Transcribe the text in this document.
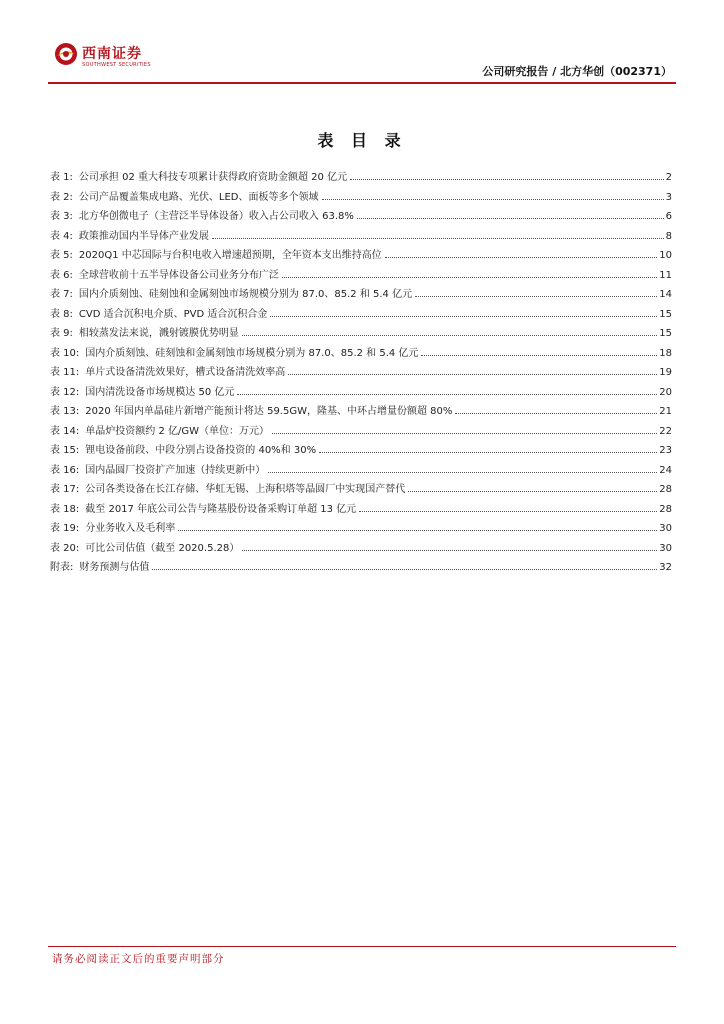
西南证券
SOUTHWEST SECURITIES	公司研究报告 / 北方华创（002371）
表 目 录
表 1: 公司承担 02 重大科技专项累计获得政府资助金额超 20 亿元	2
表 2: 公司产品覆盖集成电路、光伏、LED、面板等多个领域	3
表 3: 北方华创微电子（主营泛半导体设备）收入占公司收入 63.8%	6
表 4: 政策推动国内半导体产业发展	8
表 5: 2020Q1 中芯国际与台积电收入增速超预期，全年资本支出维持高位	10
表 6: 全球营收前十五半导体设备公司业务分布广泛	11
表 7: 国内介质刻蚀、硅刻蚀和金属刻蚀市场规模分别为 87.0、85.2 和 5.4 亿元	14
表 8: CVD 适合沉积电介质、PVD 适合沉积合金	15
表 9: 相较蒸发法来说，溅射镀膜优势明显	15
表 10: 国内介质刻蚀、硅刻蚀和金属刻蚀市场规模分别为 87.0、85.2 和 5.4 亿元	18
表 11: 单片式设备清洗效果好，槽式设备清洗效率高	19
表 12: 国内清洗设备市场规模达 50 亿元	20
表 13: 2020 年国内单晶硅片新增产能预计将达 59.5GW，隆基、中环占增量份额超 80%	21
表 14: 单晶炉投资额约 2 亿/GW（单位：万元）	22
表 15: 锂电设备前段、中段分别占设备投资的 40%和 30%	23
表 16: 国内晶圆厂投资扩产加速（持续更新中）	24
表 17: 公司各类设备在长江存储、华虹无锡、上海积塔等晶圆厂中实现国产替代	28
表 18: 截至 2017 年底公司公告与隆基股份设备采购订单超 13 亿元	28
表 19: 分业务收入及毛利率	30
表 20: 可比公司估值（截至 2020.5.28）	30
附表: 财务预测与估值	32
请务必阅读正文后的重要声明部分
